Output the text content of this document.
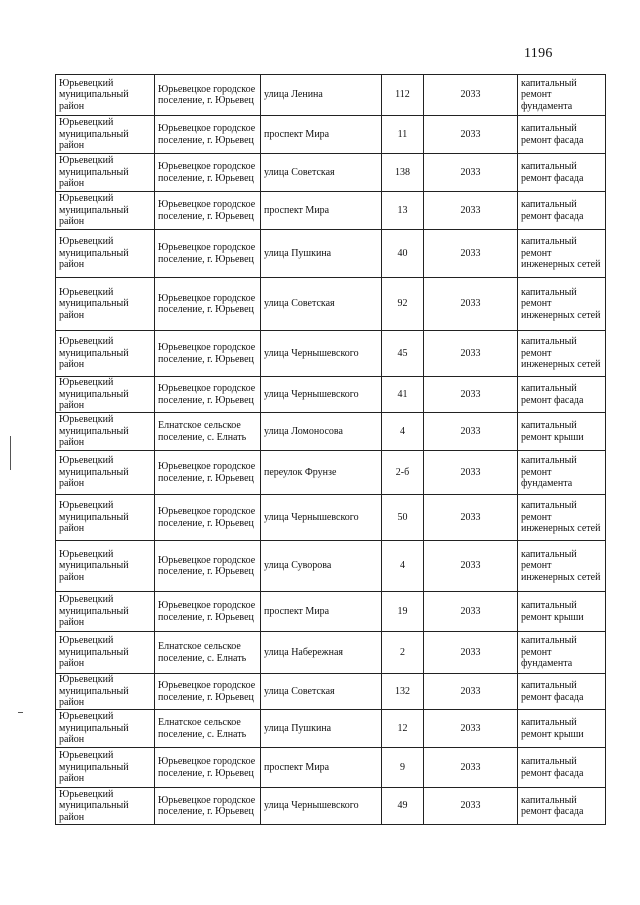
1196
Юрьевецкий муниципальный район	Юрьевецкое городское поселение, г. Юрьевец	улица Ленина	112	2033	капитальный ремонт фундамента
Юрьевецкий муниципальный район	Юрьевецкое городское поселение, г. Юрьевец	проспект Мира	11	2033	капитальный ремонт фасада
Юрьевецкий муниципальный район	Юрьевецкое городское поселение, г. Юрьевец	улица Советская	138	2033	капитальный ремонт фасада
Юрьевецкий муниципальный район	Юрьевецкое городское поселение, г. Юрьевец	проспект Мира	13	2033	капитальный ремонт фасада
Юрьевецкий муниципальный район	Юрьевецкое городское поселение, г. Юрьевец	улица Пушкина	40	2033	капитальный ремонт инженерных сетей
Юрьевецкий муниципальный район	Юрьевецкое городское поселение, г. Юрьевец	улица Советская	92	2033	капитальный ремонт инженерных сетей
Юрьевецкий муниципальный район	Юрьевецкое городское поселение, г. Юрьевец	улица Чернышевского	45	2033	капитальный ремонт инженерных сетей
Юрьевецкий муниципальный район	Юрьевецкое городское поселение, г. Юрьевец	улица Чернышевского	41	2033	капитальный ремонт фасада
Юрьевецкий муниципальный район	Елнатское сельское поселение, с. Елнать	улица Ломоносова	4	2033	капитальный ремонт крыши
Юрьевецкий муниципальный район	Юрьевецкое городское поселение, г. Юрьевец	переулок Фрунзе	2-б	2033	капитальный ремонт фундамента
Юрьевецкий муниципальный район	Юрьевецкое городское поселение, г. Юрьевец	улица Чернышевского	50	2033	капитальный ремонт инженерных сетей
Юрьевецкий муниципальный район	Юрьевецкое городское поселение, г. Юрьевец	улица Суворова	4	2033	капитальный ремонт инженерных сетей
Юрьевецкий муниципальный район	Юрьевецкое городское поселение, г. Юрьевец	проспект Мира	19	2033	капитальный ремонт крыши
Юрьевецкий муниципальный район	Елнатское сельское поселение, с. Елнать	улица Набережная	2	2033	капитальный ремонт фундамента
Юрьевецкий муниципальный район	Юрьевецкое городское поселение, г. Юрьевец	улица Советская	132	2033	капитальный ремонт фасада
Юрьевецкий муниципальный район	Елнатское сельское поселение, с. Елнать	улица Пушкина	12	2033	капитальный ремонт крыши
Юрьевецкий муниципальный район	Юрьевецкое городское поселение, г. Юрьевец	проспект Мира	9	2033	капитальный ремонт фасада
Юрьевецкий муниципальный район	Юрьевецкое городское поселение, г. Юрьевец	улица Чернышевского	49	2033	капитальный ремонт фасада
